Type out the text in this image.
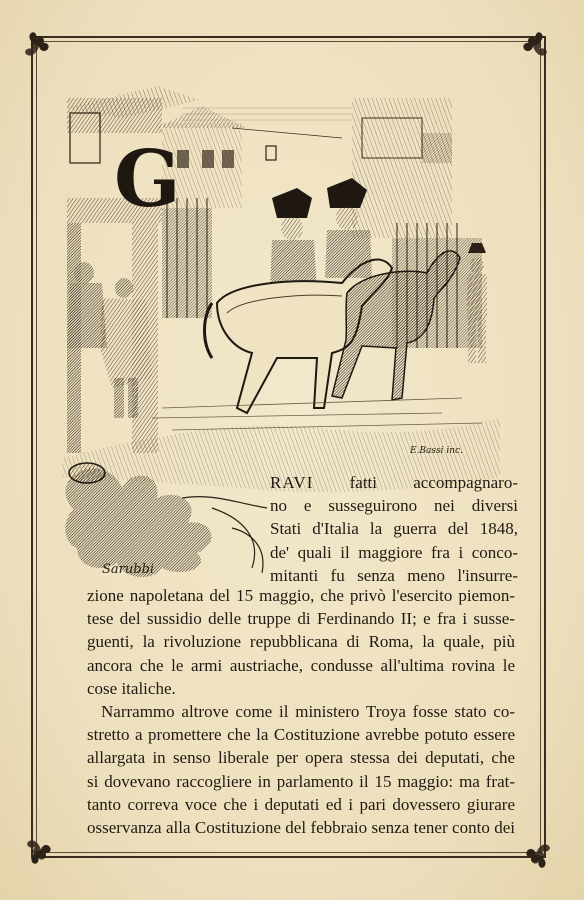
G
Sarubbi
E.Bassi inc.
RAVI fatti accompagnaro-
no e susseguirono nei diversi
Stati d'Italia la guerra del 1848,
de' quali il maggiore fra i conco-
mitanti fu senza meno l'insurre-
zione napoletana del 15 maggio, che privò l'esercito piemon-
tese del sussidio delle truppe di Ferdinando II; e fra i susse-
guenti, la rivoluzione repubblicana di Roma, la quale, più
ancora che le armi austriache, condusse all'ultima rovina le
cose italiche.
Narrammo altrove come il ministero Troya fosse stato co-
stretto a promettere che la Costituzione avrebbe potuto essere
allargata in senso liberale per opera stessa dei deputati, che
si dovevano raccogliere in parlamento il 15 maggio: ma frat-
tanto correva voce che i deputati ed i pari dovessero giurare
osservanza alla Costituzione del febbraio senza tener conto dei
